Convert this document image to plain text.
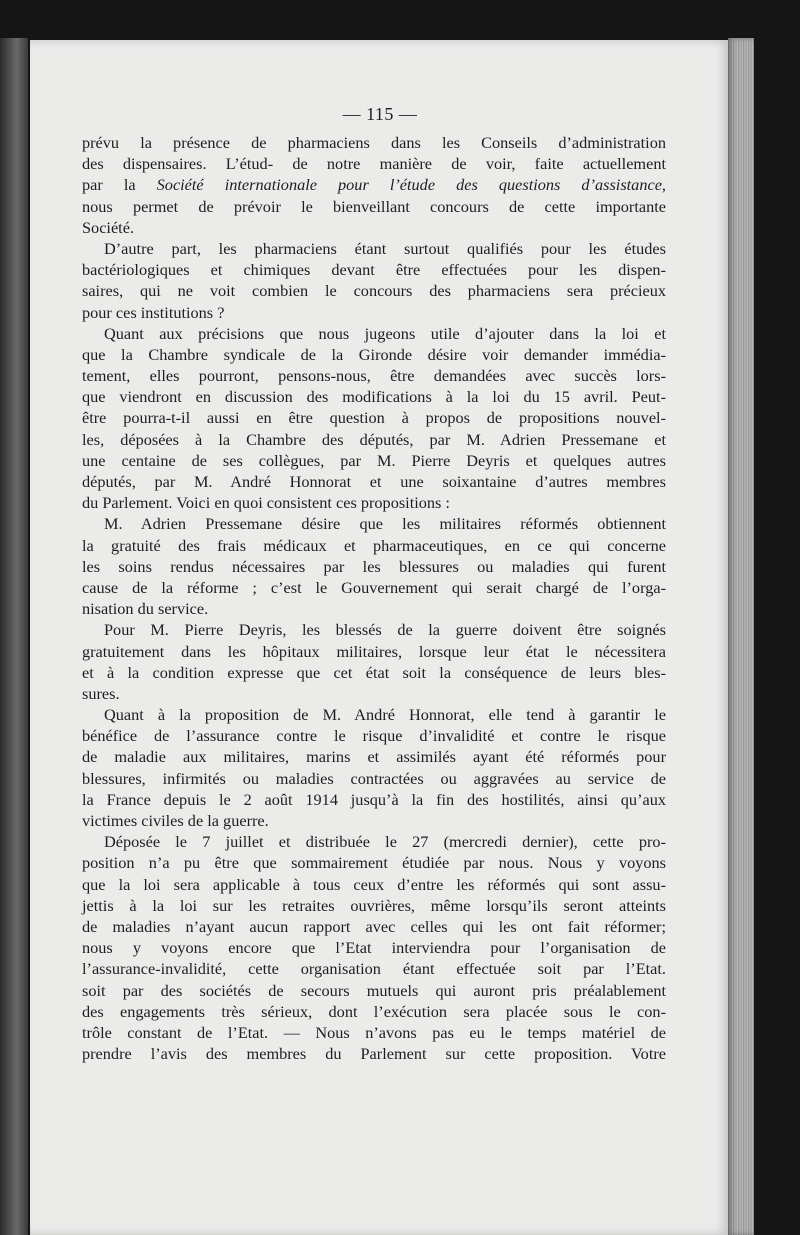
— 115 —
prévu la présence de pharmaciens dans les Conseils d’administration
des dispensaires. L’étud‑ de notre manière de voir, faite actuellement
par la Société internationale pour l’étude des questions d’assistance,
nous permet de prévoir le bienveillant concours de cette importante
Société.
D’autre part, les pharmaciens étant surtout qualifiés pour les études
bactériologiques et chimiques devant être effectuées pour les dispen-
saires, qui ne voit combien le concours des pharmaciens sera précieux
pour ces institutions ?
Quant aux précisions que nous jugeons utile d’ajouter dans la loi et
que la Chambre syndicale de la Gironde désire voir demander immédia-
tement, elles pourront, pensons-nous, être demandées avec succès lors-
que viendront en discussion des modifications à la loi du 15 avril. Peut-
être pourra-t-il aussi en être question à propos de propositions nouvel-
les, déposées à la Chambre des députés, par M. Adrien Pressemane et
une centaine de ses collègues, par M. Pierre Deyris et quelques autres
députés, par M. André Honnorat et une soixantaine d’autres membres
du Parlement. Voici en quoi consistent ces propositions :
M. Adrien Pressemane désire que les militaires réformés obtiennent
la gratuité des frais médicaux et pharmaceutiques, en ce qui concerne
les soins rendus nécessaires par les blessures ou maladies qui furent
cause de la réforme ; c’est le Gouvernement qui serait chargé de l’orga-
nisation du service.
Pour M. Pierre Deyris, les blessés de la guerre doivent être soignés
gratuitement dans les hôpitaux militaires, lorsque leur état le nécessitera
et à la condition expresse que cet état soit la conséquence de leurs bles-
sures.
Quant à la proposition de M. André Honnorat, elle tend à garantir le
bénéfice de l’assurance contre le risque d’invalidité et contre le risque
de maladie aux militaires, marins et assimilés ayant été réformés pour
blessures, infirmités ou maladies contractées ou aggravées au service de
la France depuis le 2 août 1914 jusqu’à la fin des hostilités, ainsi qu’aux
victimes civiles de la guerre.
Déposée le 7 juillet et distribuée le 27 (mercredi dernier), cette pro-
position n’a pu être que sommairement étudiée par nous. Nous y voyons
que la loi sera applicable à tous ceux d’entre les réformés qui sont assu-
jettis à la loi sur les retraites ouvrières, même lorsqu’ils seront atteints
de maladies n’ayant aucun rapport avec celles qui les ont fait réformer;
nous y voyons encore que l’Etat interviendra pour l’organisation de
l’assurance-invalidité, cette organisation étant effectuée soit par l’Etat.
soit par des sociétés de secours mutuels qui auront pris préalablement
des engagements très sérieux, dont l’exécution sera placée sous le con-
trôle constant de l’Etat. — Nous n’avons pas eu le temps matériel de
prendre l’avis des membres du Parlement sur cette proposition. Votre
